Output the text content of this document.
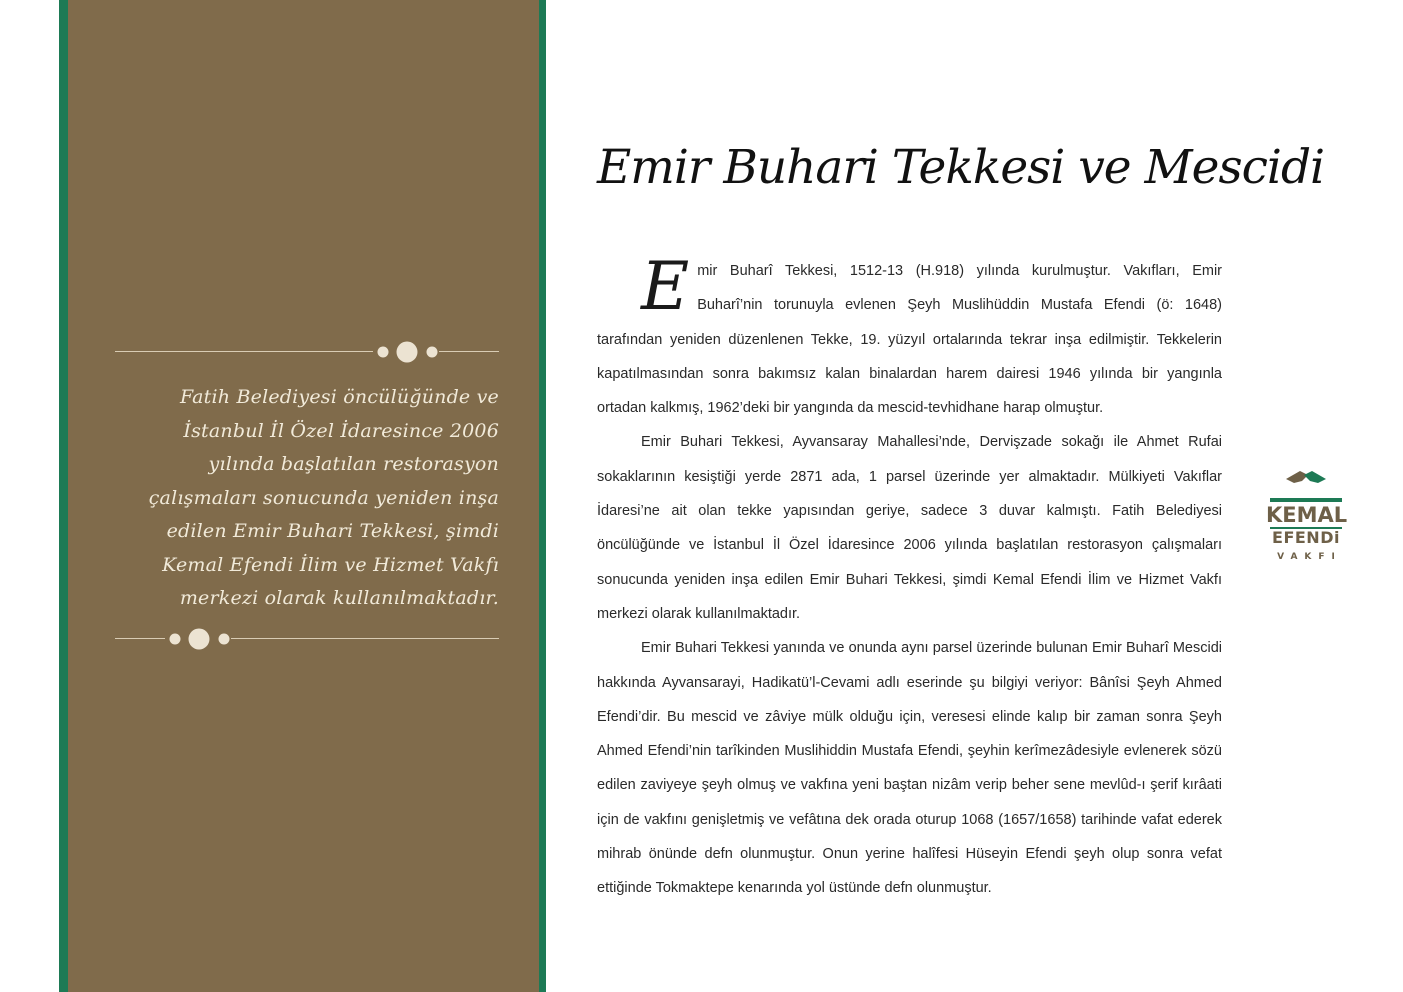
Fatih Belediyesi öncülüğünde ve İstanbul İl Özel İdaresince 2006 yılında başlatılan restorasyon çalışmaları sonucunda yeniden inşa edilen Emir Buhari Tekkesi, şimdi Kemal Efendi İlim ve Hizmet Vakfı merkezi olarak kullanılmaktadır.

Emir Buhari Tekkesi ve Mescidi

Emir Buharî Tekkesi, 1512-13 (H.918) yılında kurulmuştur. Vakıfları, Emir Buharî’nin torunuyla evlenen Şeyh Muslihüddin Mustafa Efendi (ö: 1648) tarafından yeniden düzenlenen Tekke, 19. yüzyıl ortalarında tekrar inşa edilmiştir. Tekkelerin kapatılmasından sonra bakımsız kalan binalardan harem dairesi 1946 yılında bir yangınla ortadan kalkmış, 1962’deki bir yangında da mescid-tevhidhane harap olmuştur.

Emir Buhari Tekkesi, Ayvansaray Mahallesi’nde, Dervişzade sokağı ile Ahmet Rufai sokaklarının kesiştiği yerde 2871 ada, 1 parsel üzerinde yer almaktadır. Mülkiyeti Vakıflar İdaresi’ne ait olan tekke yapısından geriye, sadece 3 duvar kalmıştı. Fatih Belediyesi öncülüğünde ve İstanbul İl Özel İdaresince 2006 yılında başlatılan restorasyon çalışmaları sonucunda yeniden inşa edilen Emir Buhari Tekkesi, şimdi Kemal Efendi İlim ve Hizmet Vakfı merkezi olarak kullanılmaktadır.

Emir Buhari Tekkesi yanında ve onunda aynı parsel üzerinde bulunan Emir Buharî Mescidi hakkında Ayvansarayi, Hadikatü’l-Cevami adlı eserinde şu bilgiyi veriyor: Bânîsi Şeyh Ahmed Efendi’dir. Bu mescid ve zâviye mülk olduğu için, veresesi elinde kalıp bir zaman sonra Şeyh Ahmed Efendi’nin tarîkinden Muslihiddin Mustafa Efendi, şeyhin kerîmezâdesiyle evlenerek sözü edilen zaviyeye şeyh olmuş ve vakfına yeni baştan nizâm verip beher sene mevlûd-ı şerif kırâati için de vakfını genişletmiş ve vefâtına dek orada oturup 1068 (1657/1658) tarihinde vafat ederek mihrab önünde defn olunmuştur. Onun yerine halîfesi Hüseyin Efendi şeyh olup sonra vefat ettiğinde Tokmaktepe kenarında yol üstünde defn olunmuştur.

KEMAL
EFENDi
VAKFI
